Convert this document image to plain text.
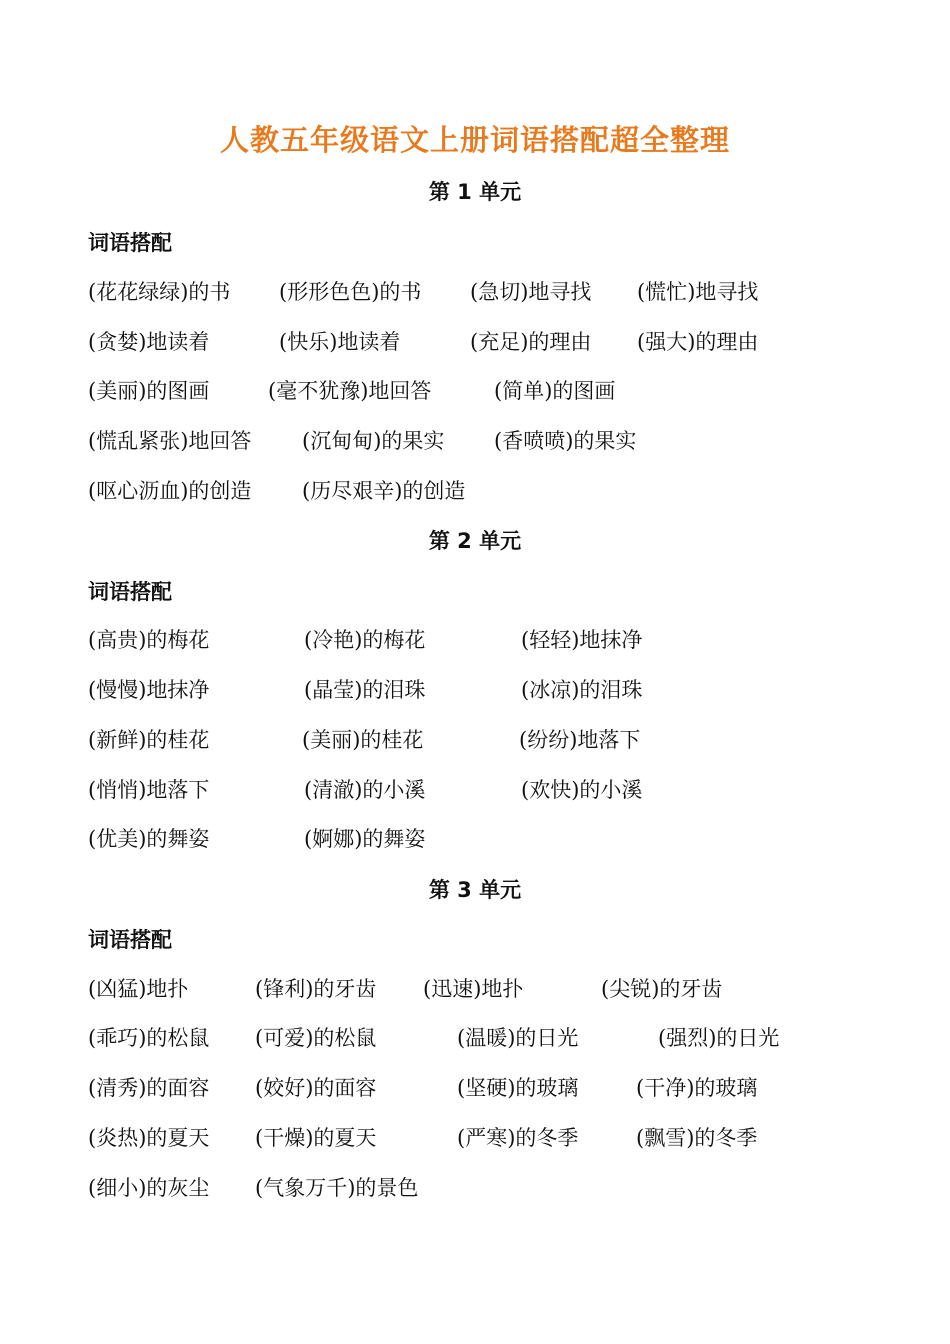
人教五年级语文上册词语搭配超全整理
第 1 单元
词语搭配
(花花绿绿)的书 (形形色色)的书 (急切)地寻找 (慌忙)地寻找
(贪婪)地读着	(快乐)地读着	(充足)的理由 (强大)的理由
(美丽)的图画	(毫不犹豫)地回答	(简单)的图画
(慌乱紧张)地回答 (沉甸甸)的果实 (香喷喷)的果实
(呕心沥血)的创造 (历尽艰辛)的创造
第 2 单元
词语搭配
(高贵)的梅花	(冷艳)的梅花	(轻轻)地抹净
(慢慢)地抹净	(晶莹)的泪珠	(冰凉)的泪珠
(新鲜)的桂花	(美丽)的桂花	(纷纷)地落下
(悄悄)地落下	(清澈)的小溪	(欢快)的小溪
(优美)的舞姿	(婀娜)的舞姿
第 3 单元
词语搭配
(凶猛)地扑	(锋利)的牙齿 (迅速)地扑	(尖锐)的牙齿
(乖巧)的松鼠 (可爱)的松鼠	(温暖)的日光	(强烈)的日光
(清秀)的面容 (姣好)的面容	(坚硬)的玻璃	(干净)的玻璃
(炎热)的夏天 (干燥)的夏天	(严寒)的冬季	(飘雪)的冬季
(细小)的灰尘 (气象万千)的景色
